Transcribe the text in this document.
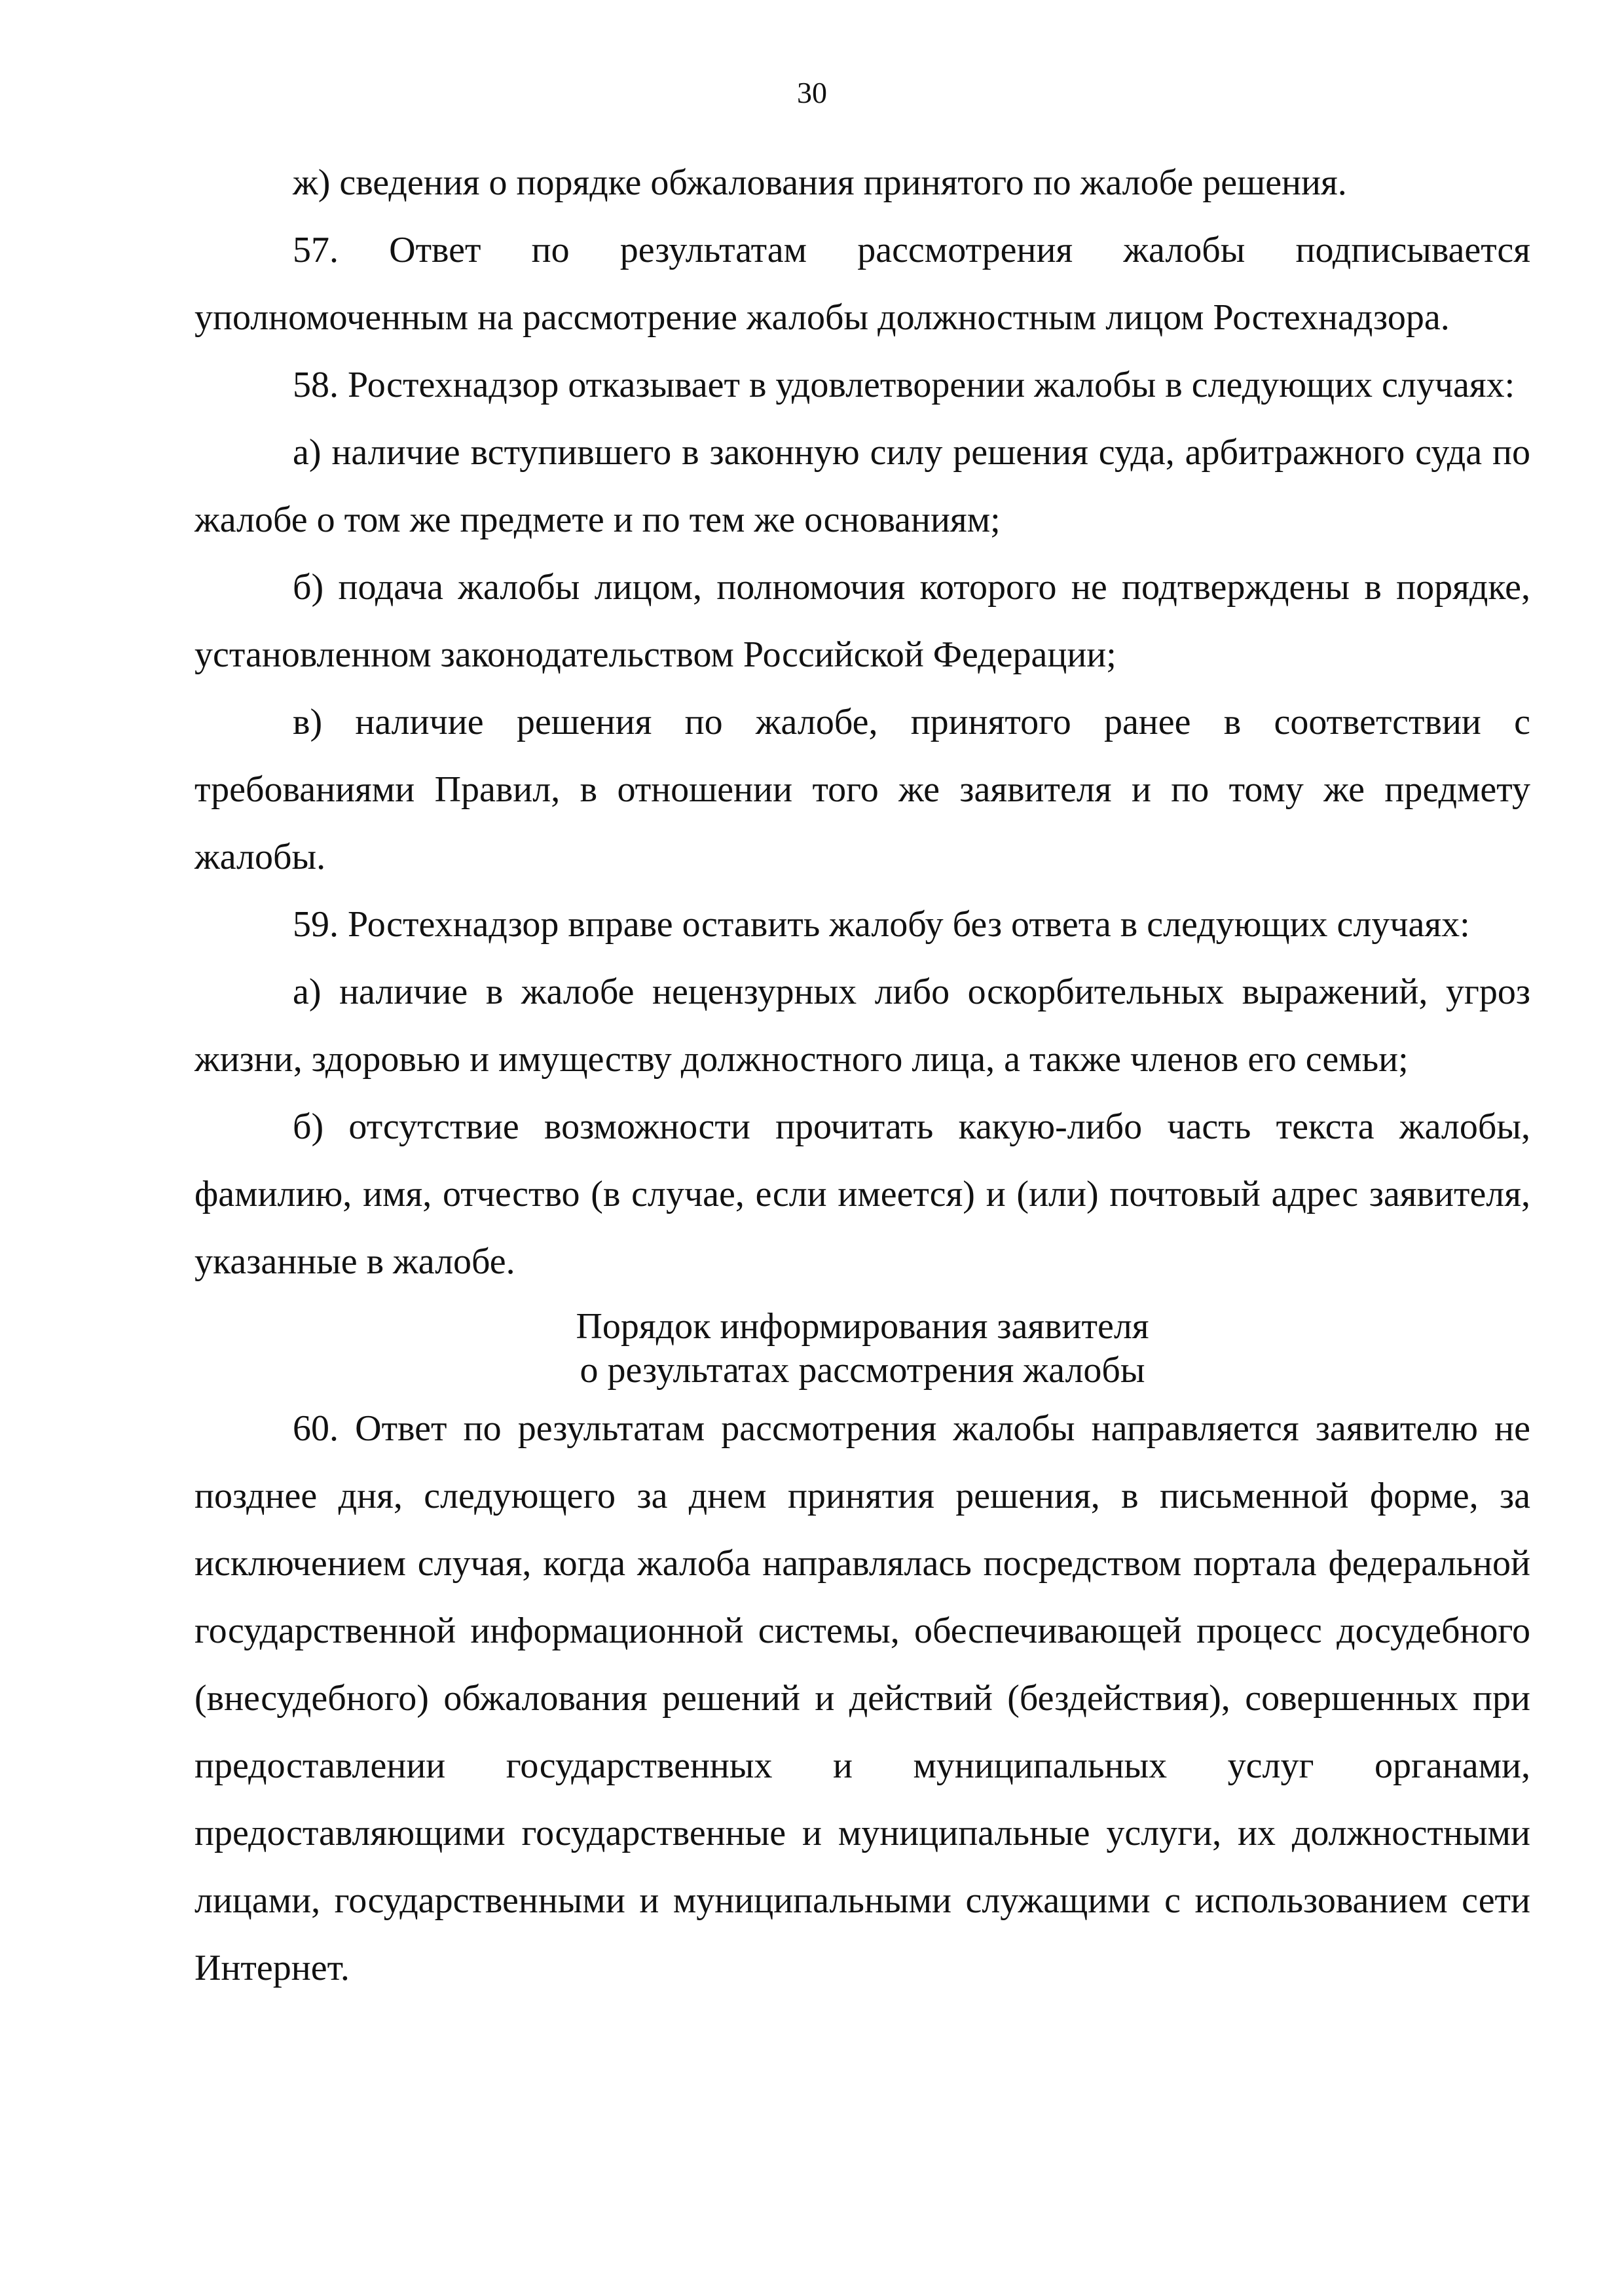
30

ж) сведения о порядке обжалования принятого по жалобе решения.

57. Ответ по результатам рассмотрения жалобы подписывается уполномоченным на рассмотрение жалобы должностным лицом Ростехнадзора.

58. Ростехнадзор отказывает в удовлетворении жалобы в следующих случаях:

а) наличие вступившего в законную силу решения суда, арбитражного суда по жалобе о том же предмете и по тем же основаниям;

б) подача жалобы лицом, полномочия которого не подтверждены в порядке, установленном законодательством Российской Федерации;

в) наличие решения по жалобе, принятого ранее в соответствии с требованиями Правил, в отношении того же заявителя и по тому же предмету жалобы.

59. Ростехнадзор вправе оставить жалобу без ответа в следующих случаях:

а) наличие в жалобе нецензурных либо оскорбительных выражений, угроз жизни, здоровью и имуществу должностного лица, а также членов его семьи;

б) отсутствие возможности прочитать какую-либо часть текста жалобы, фамилию, имя, отчество (в случае, если имеется) и (или) почтовый адрес заявителя, указанные в жалобе.

Порядок информирования заявителя
о результатах рассмотрения жалобы

60. Ответ по результатам рассмотрения жалобы направляется заявителю не позднее дня, следующего за днем принятия решения, в письменной форме, за исключением случая, когда жалоба направлялась посредством портала федеральной государственной информационной системы, обеспечивающей процесс досудебного (внесудебного) обжалования решений и действий (бездействия), совершенных при предоставлении государственных и муниципальных услуг органами, предоставляющими государственные и муниципальные услуги, их должностными лицами, государственными и муниципальными служащими с использованием сети Интернет.
